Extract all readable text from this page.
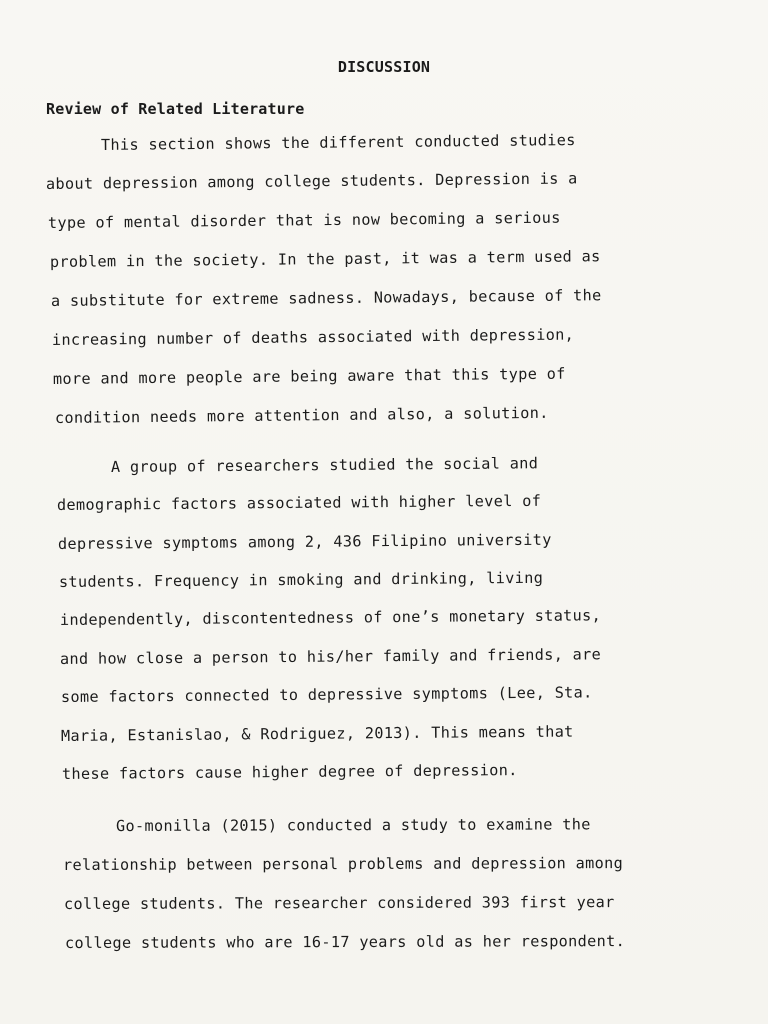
DISCUSSION
Review of Related Literature
This section shows the different conducted studies
about depression among college students. Depression is a
type of mental disorder that is now becoming a serious
problem in the society. In the past, it was a term used as
a substitute for extreme sadness. Nowadays, because of the
increasing number of deaths associated with depression,
more and more people are being aware that this type of
condition needs more attention and also, a solution.
A group of researchers studied the social and
demographic factors associated with higher level of
depressive symptoms among 2, 436 Filipino university
students. Frequency in smoking and drinking, living
independently, discontentedness of one’s monetary status,
and how close a person to his/her family and friends, are
some factors connected to depressive symptoms (Lee, Sta.
Maria, Estanislao, & Rodriguez, 2013). This means that
these factors cause higher degree of depression.
Go-monilla (2015) conducted a study to examine the
relationship between personal problems and depression among
college students. The researcher considered 393 first year
college students who are 16-17 years old as her respondent.
